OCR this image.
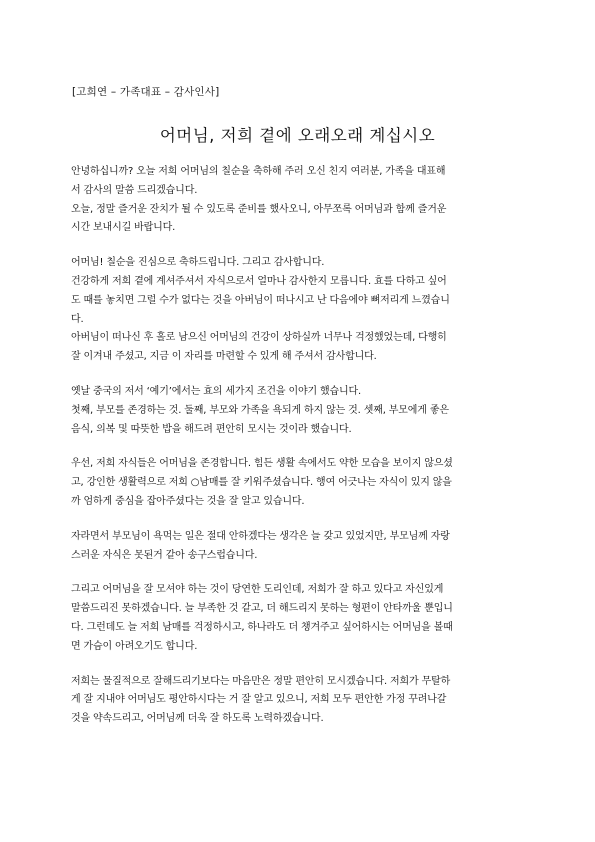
[고희연 – 가족대표 – 감사인사]
어머님, 저희 곁에 오래오래 계십시오
안녕하십니까? 오늘 저희 어머님의 칠순을 축하해 주러 오신 친지 여러분, 가족을 대표해
서 감사의 말씀 드리겠습니다.
오늘, 정말 즐거운 잔치가 될 수 있도록 준비를 했사오니, 아무쪼록 어머님과 함께 즐거운
시간 보내시길 바랍니다.
어머님! 칠순을 진심으로 축하드립니다. 그리고 감사합니다.
건강하게 저희 곁에 계셔주셔서 자식으로서 얼마나 감사한지 모릅니다. 효를 다하고 싶어
도 때를 놓치면 그럴 수가 없다는 것을 아버님이 떠나시고 난 다음에야 뼈저리게 느꼈습니
다.
아버님이 떠나신 후 홀로 남으신 어머님의 건강이 상하실까 너무나 걱정했었는데, 다행히
잘 이겨내 주셨고, 지금 이 자리를 마련할 수 있게 해 주셔서 감사합니다.
옛날 중국의 저서 ‘예기’에서는 효의 세가지 조건을 이야기 했습니다.
첫째, 부모를 존경하는 것. 둘째, 부모와 가족을 욕되게 하지 않는 것. 셋째, 부모에게 좋은
음식, 의복 및 따뜻한 밥을 해드려 편안히 모시는 것이라 했습니다.
우선, 저희 자식들은 어머님을 존경합니다. 힘든 생활 속에서도 약한 모습을 보이지 않으셨
고, 강인한 생활력으로 저희 ○남매를 잘 키워주셨습니다. 행여 어긋나는 자식이 있지 않을
까 엄하게 중심을 잡아주셨다는 것을 잘 알고 있습니다.
자라면서 부모님이 욕먹는 일은 절대 안하겠다는 생각은 늘 갖고 있었지만, 부모님께 자랑
스러운 자식은 못된거 같아 송구스럽습니다.
그리고 어머님을 잘 모셔야 하는 것이 당연한 도리인데, 저희가 잘 하고 있다고 자신있게
말씀드리진 못하겠습니다. 늘 부족한 것 같고, 더 해드리지 못하는 형편이 안타까울 뿐입니
다. 그런데도 늘 저희 남매를 걱정하시고, 하나라도 더 챙겨주고 싶어하시는 어머님을 볼때
면 가슴이 아려오기도 합니다.
저희는 물질적으로 잘해드리기보다는 마음만은 정말 편안히 모시겠습니다. 저희가 무탈하
게 잘 지내야 어머님도 평안하시다는 거 잘 알고 있으니, 저희 모두 편안한 가정 꾸려나갈
것을 약속드리고, 어머님께 더욱 잘 하도록 노력하겠습니다.
